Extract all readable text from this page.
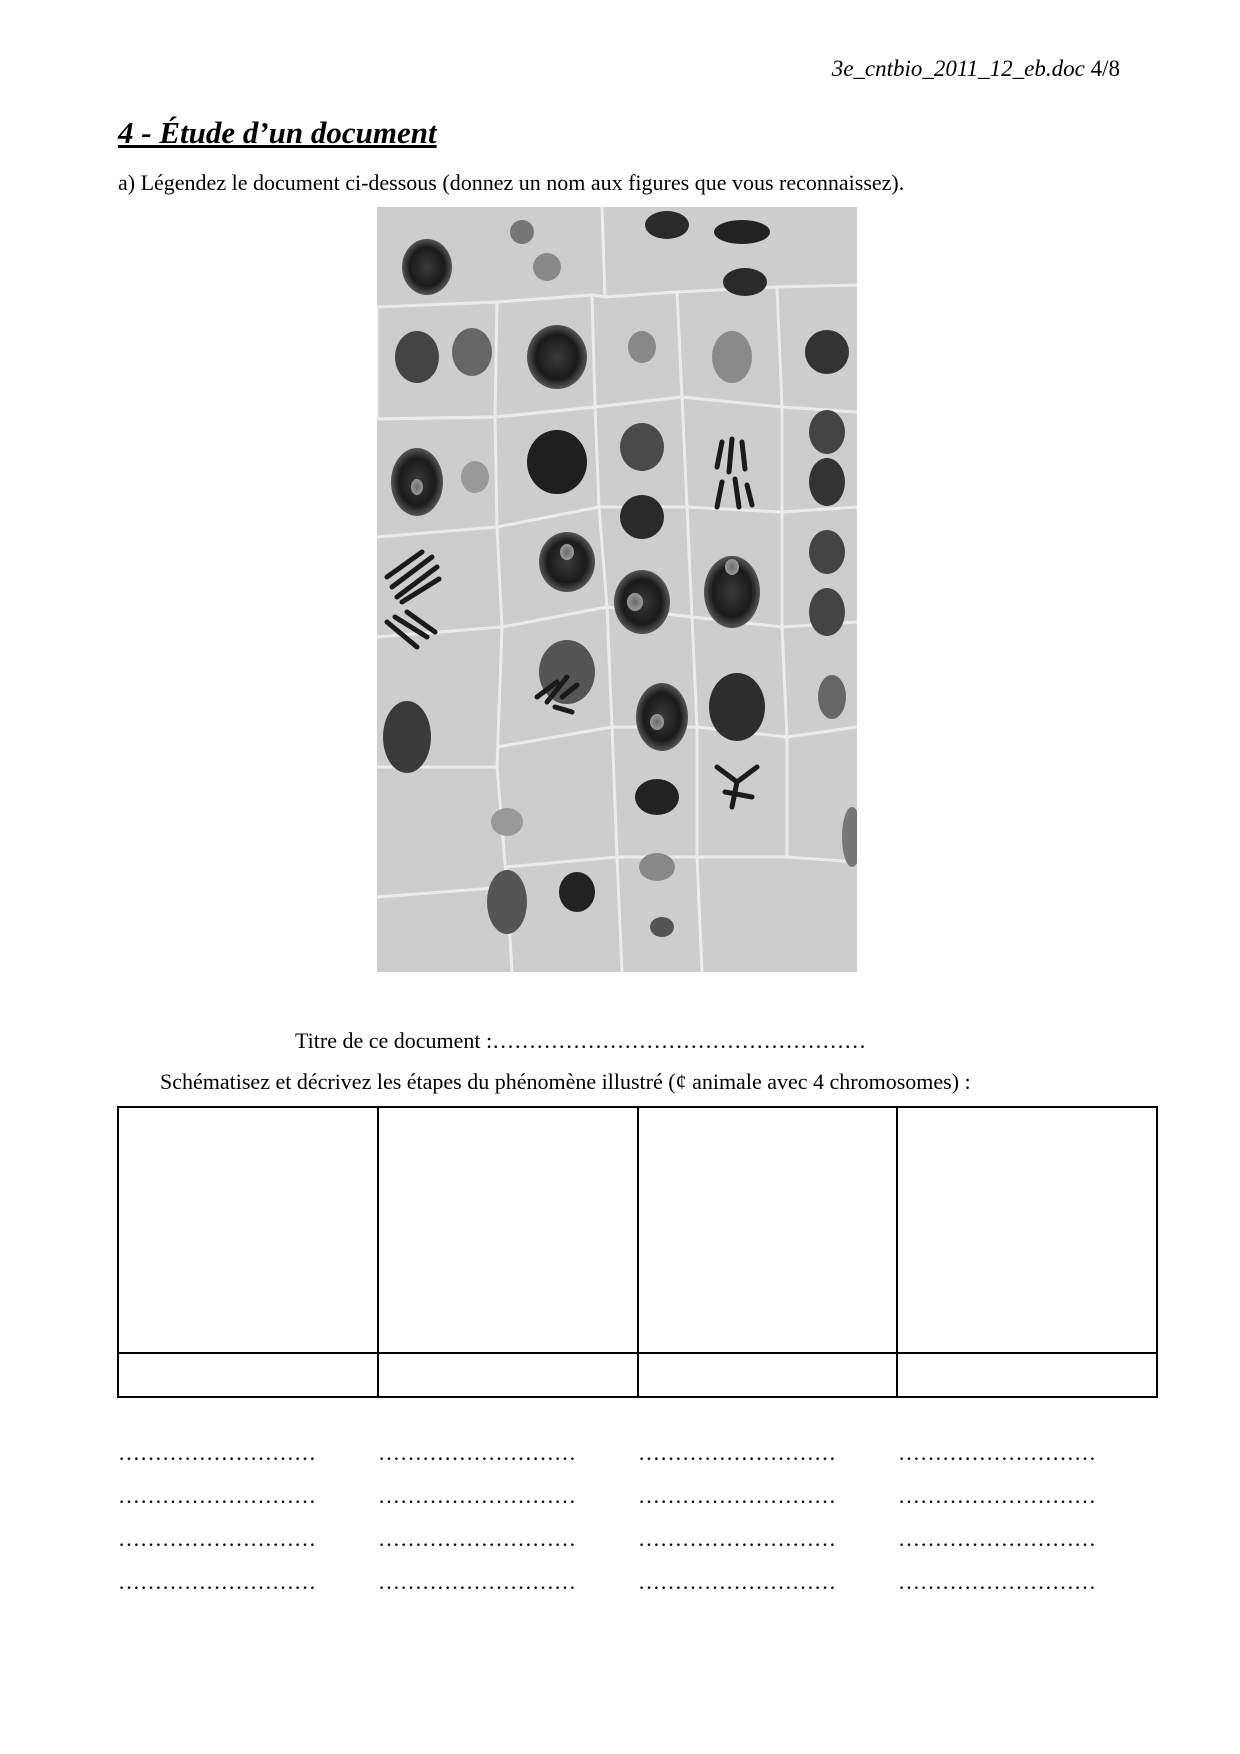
3e_cntbio_2011_12_eb.doc 4/8
4 - Étude d’un document
a) Légendez le document ci-dessous (donnez un nom aux figures que vous reconnaissez).
Titre de ce document :……………………………………………
Schématisez et décrivez les étapes du phénomène illustré (¢ animale avec 4 chromosomes) :

………………………	………………………	………………………	………………………
………………………	………………………	………………………	………………………
………………………	………………………	………………………	………………………
………………………	………………………	………………………	………………………
